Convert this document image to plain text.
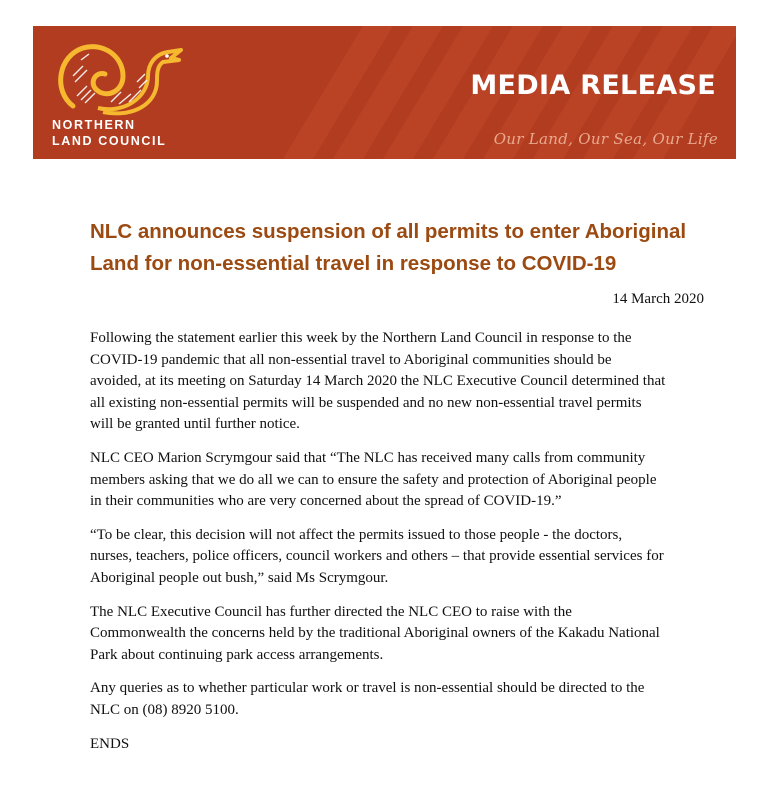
NORTHERN
LAND COUNCIL
MEDIA RELEASE
Our Land, Our Sea, Our Life
NLC announces suspension of all permits to enter Aboriginal
Land for non-essential travel in response to COVID-19
14 March 2020

Following the statement earlier this week by the Northern Land Council in response to the
COVID-19 pandemic that all non-essential travel to Aboriginal communities should be
avoided, at its meeting on Saturday 14 March 2020 the NLC Executive Council determined that
all existing non-essential permits will be suspended and no new non-essential travel permits
will be granted until further notice.

NLC CEO Marion Scrymgour said that “The NLC has received many calls from community
members asking that we do all we can to ensure the safety and protection of Aboriginal people
in their communities who are very concerned about the spread of COVID-19.”

“To be clear, this decision will not affect the permits issued to those people - the doctors,
nurses, teachers, police officers, council workers and others – that provide essential services for
Aboriginal people out bush,” said Ms Scrymgour.

The NLC Executive Council has further directed the NLC CEO to raise with the
Commonwealth the concerns held by the traditional Aboriginal owners of the Kakadu National
Park about continuing park access arrangements.

Any queries as to whether particular work or travel is non-essential should be directed to the
NLC on (08) 8920 5100.

ENDS
